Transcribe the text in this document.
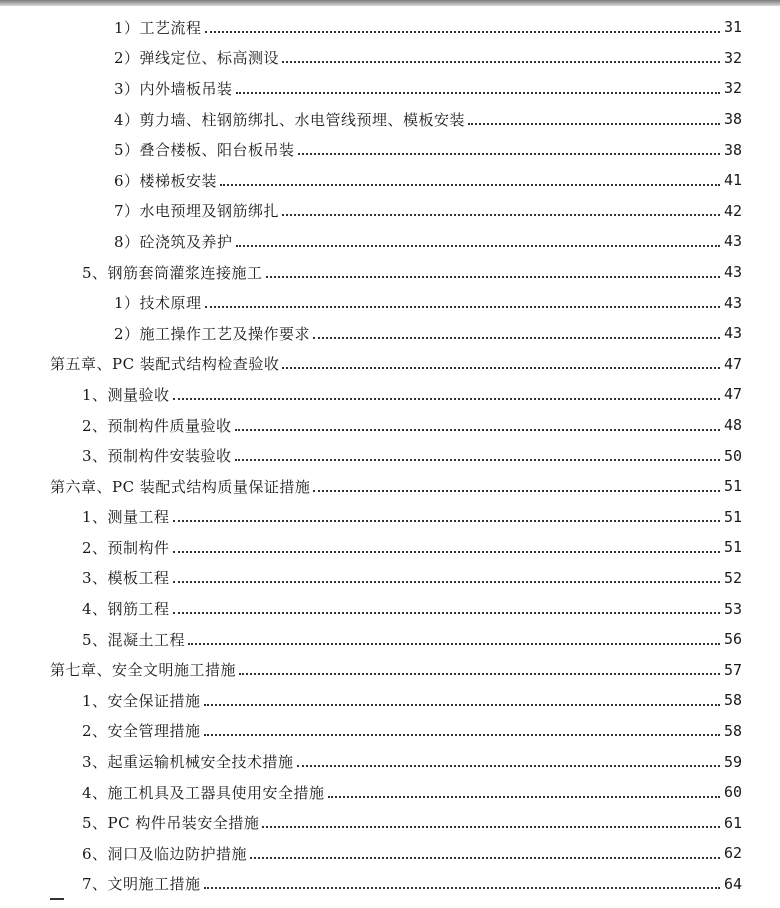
1）工艺流程	31
2）弹线定位、标高测设	32
3）内外墙板吊装	32
4）剪力墙、柱钢筋绑扎、水电管线预埋、模板安装	38
5）叠合楼板、阳台板吊装	38
6）楼梯板安装	41
7）水电预埋及钢筋绑扎	42
8）砼浇筑及养护	43
5、钢筋套筒灌浆连接施工	43
1）技术原理	43
2）施工操作工艺及操作要求	43
第五章、PC 装配式结构检查验收	47
1、测量验收	47
2、预制构件质量验收	48
3、预制构件安装验收	50
第六章、PC 装配式结构质量保证措施	51
1、测量工程	51
2、预制构件	51
3、模板工程	52
4、钢筋工程	53
5、混凝土工程	56
第七章、安全文明施工措施	57
1、安全保证措施	58
2、安全管理措施	58
3、起重运输机械安全技术措施	59
4、施工机具及工器具使用安全措施	60
5、PC 构件吊装安全措施	61
6、洞口及临边防护措施	62
7、文明施工措施	64
